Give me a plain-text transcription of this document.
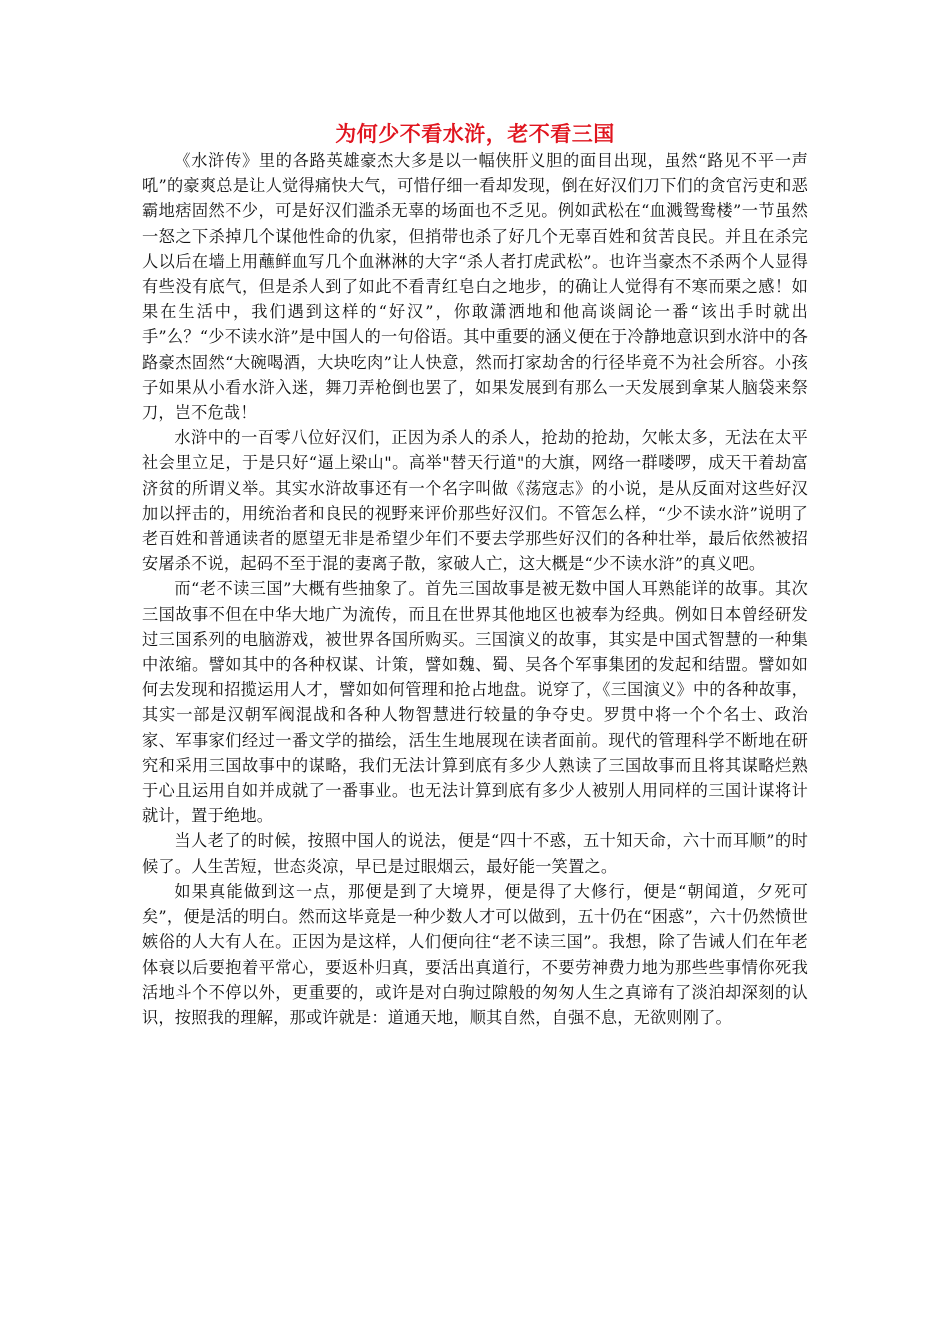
为何少不看水浒，老不看三国

《水浒传》里的各路英雄豪杰大多是以一幅侠肝义胆的面目出现，虽然“路见不平一声吼”的豪爽总是让人觉得痛快大气，可惜仔细一看却发现，倒在好汉们刀下们的贪官污吏和恶霸地痞固然不少，可是好汉们滥杀无辜的场面也不乏见。例如武松在“血溅鸳鸯楼”一节虽然一怒之下杀掉几个谋他性命的仇家，但捎带也杀了好几个无辜百姓和贫苦良民。并且在杀完人以后在墙上用蘸鲜血写几个血淋淋的大字“杀人者打虎武松”。也许当豪杰不杀两个人显得有些没有底气，但是杀人到了如此不看青红皂白之地步，的确让人觉得有不寒而栗之感！如果在生活中，我们遇到这样的“好汉”，你敢潇洒地和他高谈阔论一番“该出手时就出手”么？“少不读水浒”是中国人的一句俗语。其中重要的涵义便在于冷静地意识到水浒中的各路豪杰固然“大碗喝酒，大块吃肉”让人快意，然而打家劫舍的行径毕竟不为社会所容。小孩子如果从小看水浒入迷，舞刀弄枪倒也罢了，如果发展到有那么一天发展到拿某人脑袋来祭刀，岂不危哉！

水浒中的一百零八位好汉们，正因为杀人的杀人，抢劫的抢劫，欠帐太多，无法在太平社会里立足，于是只好“逼上梁山"。高举"替天行道"的大旗，网络一群喽啰，成天干着劫富济贫的所谓义举。其实水浒故事还有一个名字叫做《荡寇志》的小说，是从反面对这些好汉加以抨击的，用统治者和良民的视野来评价那些好汉们。不管怎么样，“少不读水浒”说明了老百姓和普通读者的愿望无非是希望少年们不要去学那些好汉们的各种壮举，最后依然被招安屠杀不说，起码不至于混的妻离子散，家破人亡，这大概是“少不读水浒”的真义吧。

而“老不读三国”大概有些抽象了。首先三国故事是被无数中国人耳熟能详的故事。其次三国故事不但在中华大地广为流传，而且在世界其他地区也被奉为经典。例如日本曾经研发过三国系列的电脑游戏，被世界各国所购买。三国演义的故事，其实是中国式智慧的一种集中浓缩。譬如其中的各种权谋、计策，譬如魏、蜀、吴各个军事集团的发起和结盟。譬如如何去发现和招揽运用人才，譬如如何管理和抢占地盘。说穿了，《三国演义》中的各种故事，其实一部是汉朝军阀混战和各种人物智慧进行较量的争夺史。罗贯中将一个个名士、政治家、军事家们经过一番文学的描绘，活生生地展现在读者面前。现代的管理科学不断地在研究和采用三国故事中的谋略，我们无法计算到底有多少人熟读了三国故事而且将其谋略烂熟于心且运用自如并成就了一番事业。也无法计算到底有多少人被别人用同样的三国计谋将计就计，置于绝地。

当人老了的时候，按照中国人的说法，便是“四十不惑，五十知天命，六十而耳顺”的时候了。人生苦短，世态炎凉，早已是过眼烟云，最好能一笑置之。

如果真能做到这一点，那便是到了大境界，便是得了大修行，便是“朝闻道，夕死可矣”，便是活的明白。然而这毕竟是一种少数人才可以做到，五十仍在“困惑”，六十仍然愤世嫉俗的人大有人在。正因为是这样，人们便向往“老不读三国”。我想，除了告诫人们在年老体衰以后要抱着平常心，要返朴归真，要活出真道行，不要劳神费力地为那些些事情你死我活地斗个不停以外，更重要的，或许是对白驹过隙般的匆匆人生之真谛有了淡泊却深刻的认识，按照我的理解，那或许就是：道通天地，顺其自然，自强不息，无欲则刚了。
